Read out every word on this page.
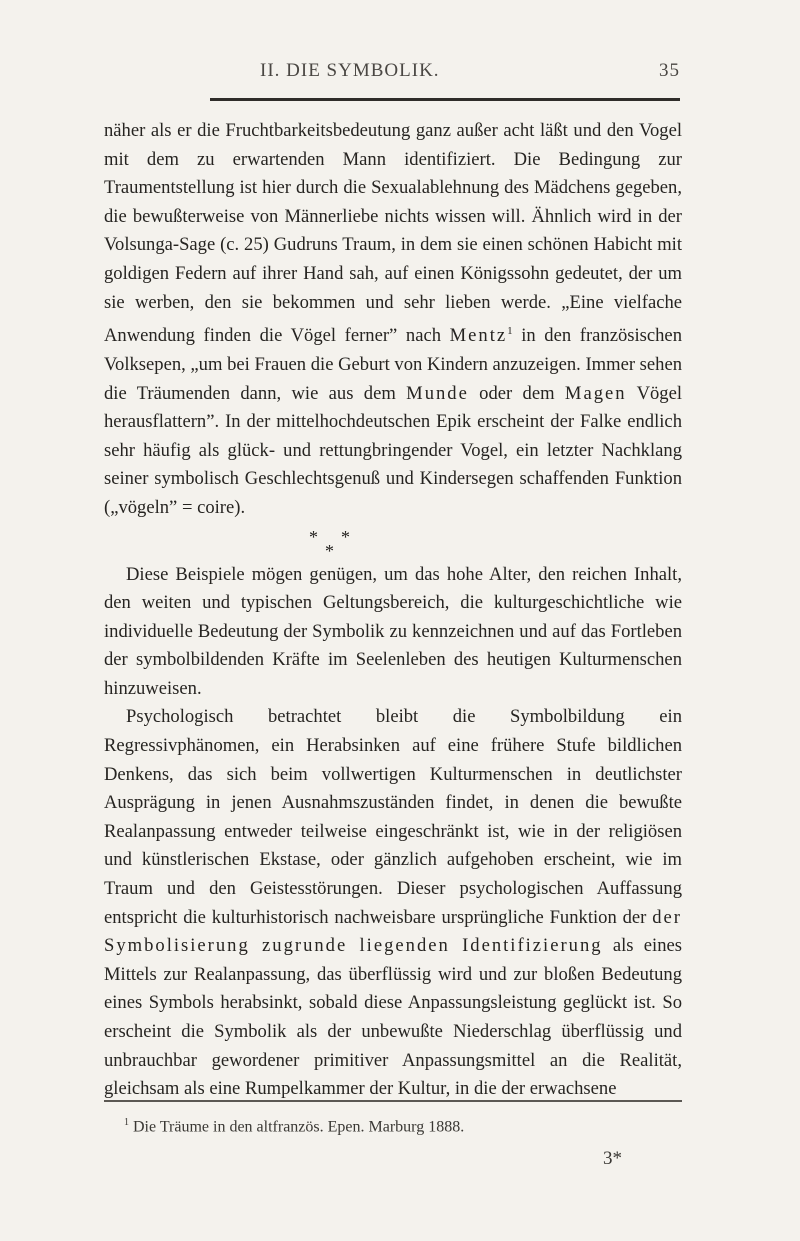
II. DIE SYMBOLIK.	35

näher als er die Fruchtbarkeitsbedeutung ganz außer acht läßt und den Vogel mit dem zu erwartenden Mann identifiziert. Die Bedingung zur Traumentstellung ist hier durch die Sexualablehnung des Mädchens gegeben, die bewußterweise von Männerliebe nichts wissen will. Ähnlich wird in der Volsunga-Sage (c. 25) Gudruns Traum, in dem sie einen schönen Habicht mit goldigen Federn auf ihrer Hand sah, auf einen Königssohn gedeutet, der um sie werben, den sie bekommen und sehr lieben werde. „Eine vielfache Anwendung finden die Vögel ferner” nach Mentz$^1$ in den französischen Volksepen, „um bei Frauen die Geburt von Kindern anzuzeigen. Immer sehen die Träumenden dann, wie aus dem Munde oder dem Magen Vögel herausflattern”. In der mittelhochdeutschen Epik erscheint der Falke endlich sehr häufig als glück- und rettungbringender Vogel, ein letzter Nachklang seiner symbolisch Geschlechtsgenuß und Kindersegen schaffenden Funktion („vögeln” = coire).

* *
*

Diese Beispiele mögen genügen, um das hohe Alter, den reichen Inhalt, den weiten und typischen Geltungsbereich, die kulturgeschichtliche wie individuelle Bedeutung der Symbolik zu kennzeichnen und auf das Fortleben der symbolbildenden Kräfte im Seelenleben des heutigen Kulturmenschen hinzuweisen.

Psychologisch betrachtet bleibt die Symbolbildung ein Regressivphänomen, ein Herabsinken auf eine frühere Stufe bildlichen Denkens, das sich beim vollwertigen Kulturmenschen in deutlichster Ausprägung in jenen Ausnahmszuständen findet, in denen die bewußte Realanpassung entweder teilweise eingeschränkt ist, wie in der religiösen und künstlerischen Ekstase, oder gänzlich aufgehoben erscheint, wie im Traum und den Geistesstörungen. Dieser psychologischen Auffassung entspricht die kulturhistorisch nachweisbare ursprüngliche Funktion der der Symbolisierung zugrunde liegenden Identifizierung als eines Mittels zur Realanpassung, das überflüssig wird und zur bloßen Bedeutung eines Symbols herabsinkt, sobald diese Anpassungsleistung geglückt ist. So erscheint die Symbolik als der unbewußte Niederschlag überflüssig und unbrauchbar gewordener primitiver Anpassungsmittel an die Realität, gleichsam als eine Rumpelkammer der Kultur, in die der erwachsene

$^1$ Die Träume in den altfranzös. Epen. Marburg 1888.
3*
